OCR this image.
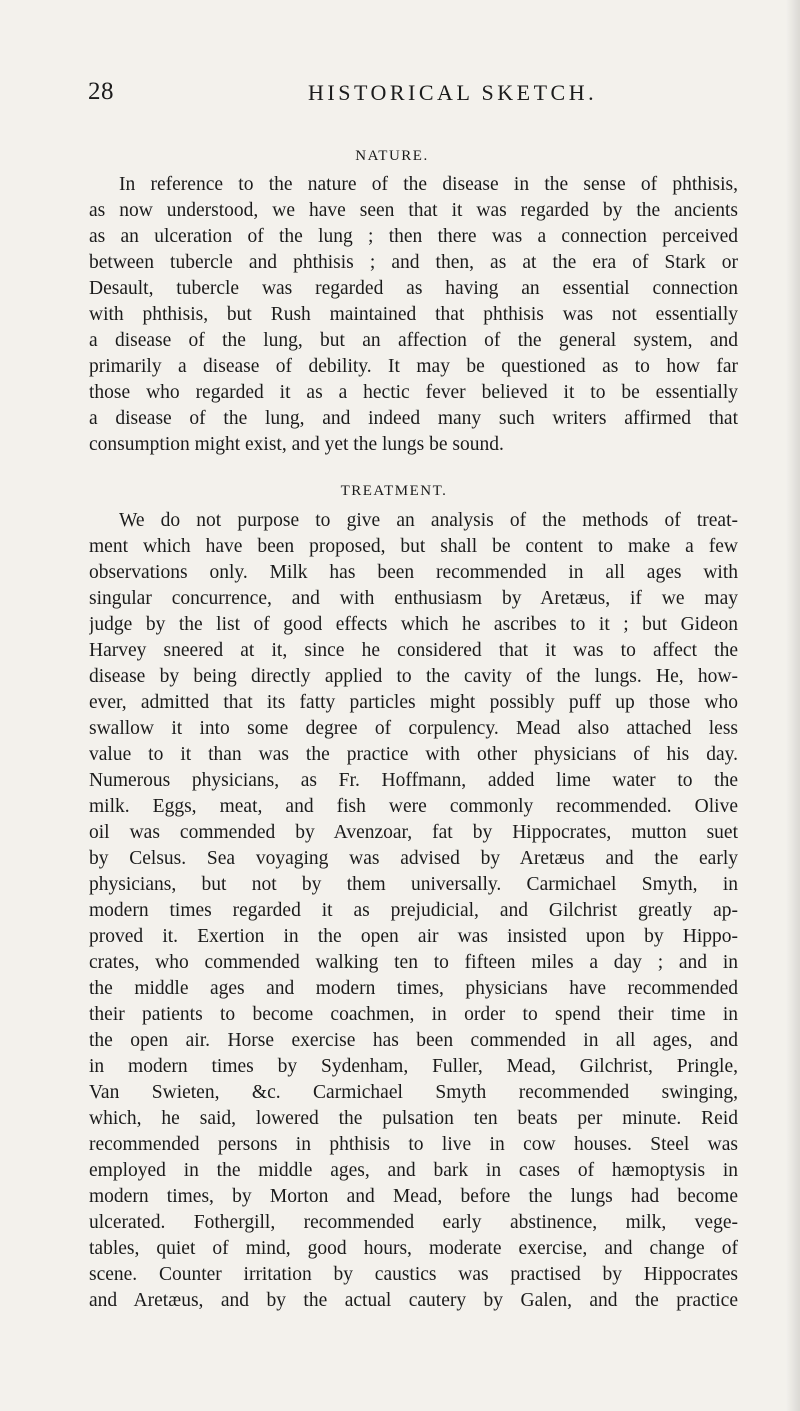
28	HISTORICAL SKETCH.
NATURE.
In reference to the nature of the disease in the sense of phthisis,
as now understood, we have seen that it was regarded by the ancients
as an ulceration of the lung ; then there was a connection perceived
between tubercle and phthisis ; and then, as at the era of Stark or
Desault, tubercle was regarded as having an essential connection
with phthisis, but Rush maintained that phthisis was not essentially
a disease of the lung, but an affection of the general system, and
primarily a disease of debility. It may be questioned as to how far
those who regarded it as a hectic fever believed it to be essentially
a disease of the lung, and indeed many such writers affirmed that
consumption might exist, and yet the lungs be sound.
TREATMENT.
We do not purpose to give an analysis of the methods of treat-
ment which have been proposed, but shall be content to make a few
observations only. Milk has been recommended in all ages with
singular concurrence, and with enthusiasm by Aretæus, if we may
judge by the list of good effects which he ascribes to it ; but Gideon
Harvey sneered at it, since he considered that it was to affect the
disease by being directly applied to the cavity of the lungs. He, how-
ever, admitted that its fatty particles might possibly puff up those who
swallow it into some degree of corpulency. Mead also attached less
value to it than was the practice with other physicians of his day.
Numerous physicians, as Fr. Hoffmann, added lime water to the
milk. Eggs, meat, and fish were commonly recommended. Olive
oil was commended by Avenzoar, fat by Hippocrates, mutton suet
by Celsus. Sea voyaging was advised by Aretæus and the early
physicians, but not by them universally. Carmichael Smyth, in
modern times regarded it as prejudicial, and Gilchrist greatly ap-
proved it. Exertion in the open air was insisted upon by Hippo-
crates, who commended walking ten to fifteen miles a day ; and in
the middle ages and modern times, physicians have recommended
their patients to become coachmen, in order to spend their time in
the open air. Horse exercise has been commended in all ages, and
in modern times by Sydenham, Fuller, Mead, Gilchrist, Pringle,
Van Swieten, &c. Carmichael Smyth recommended swinging,
which, he said, lowered the pulsation ten beats per minute. Reid
recommended persons in phthisis to live in cow houses. Steel was
employed in the middle ages, and bark in cases of hæmoptysis in
modern times, by Morton and Mead, before the lungs had become
ulcerated. Fothergill, recommended early abstinence, milk, vege-
tables, quiet of mind, good hours, moderate exercise, and change of
scene. Counter irritation by caustics was practised by Hippocrates
and Aretæus, and by the actual cautery by Galen, and the practice
